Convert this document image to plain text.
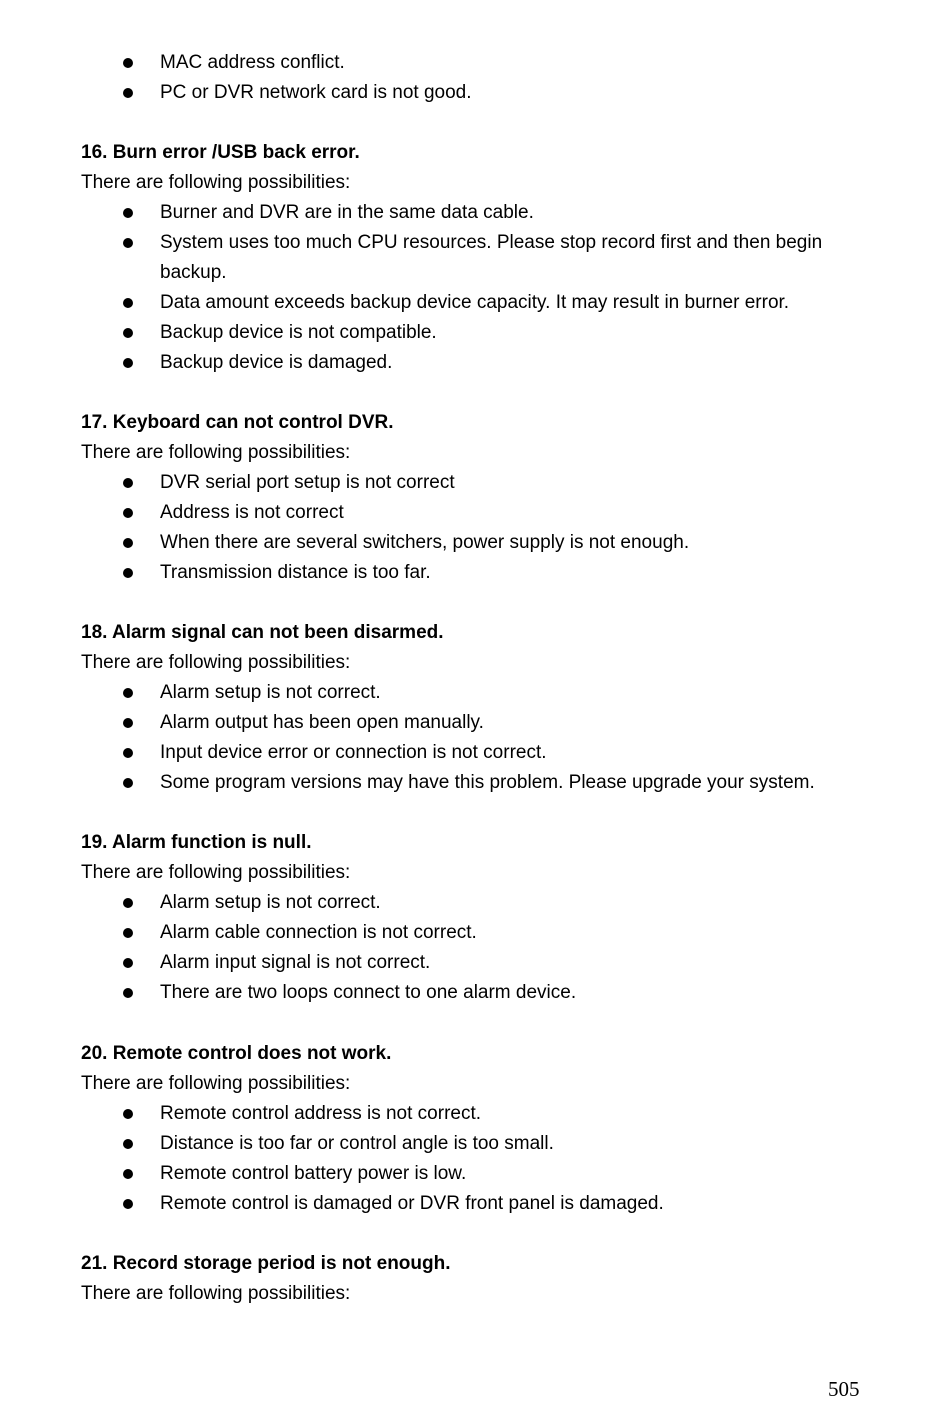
MAC address conflict.
PC or DVR network card is not good.
16. Burn error /USB back error.
There are following possibilities:
Burner and DVR are in the same data cable.
System uses too much CPU resources. Please stop record first and then begin backup.
Data amount exceeds backup device capacity. It may result in burner error.
Backup device is not compatible.
Backup device is damaged.
17. Keyboard can not control DVR.
There are following possibilities:
DVR serial port setup is not correct
Address is not correct
When there are several switchers, power supply is not enough.
Transmission distance is too far.
18. Alarm signal can not been disarmed.
There are following possibilities:
Alarm setup is not correct.
Alarm output has been open manually.
Input device error or connection is not correct.
Some program versions may have this problem. Please upgrade your system.
19. Alarm function is null.
There are following possibilities:
Alarm setup is not correct.
Alarm cable connection is not correct.
Alarm input signal is not correct.
There are two loops connect to one alarm device.
20. Remote control does not work.
There are following possibilities:
Remote control address is not correct.
Distance is too far or control angle is too small.
Remote control battery power is low.
Remote control is damaged or DVR front panel is damaged.
21. Record storage period is not enough.
There are following possibilities:
505
